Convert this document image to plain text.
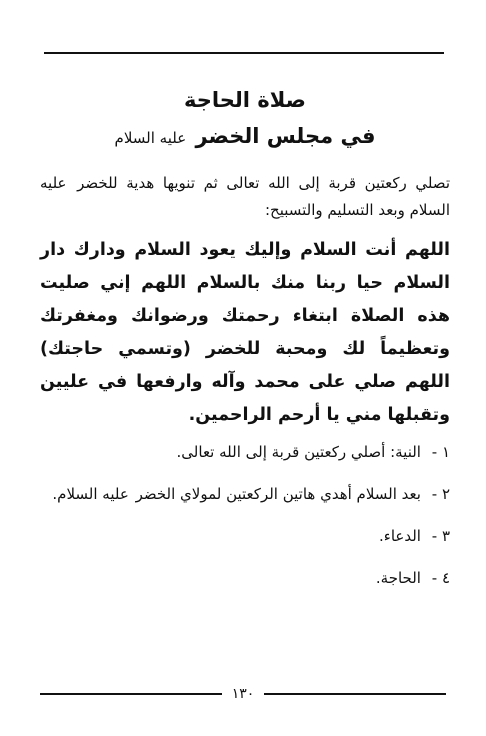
صلاة الحاجة
في مجلس الخضر عليه السلام

تصلي ركعتين قربة إلى الله تعالى ثم تنويها هدية للخضر عليه السلام وبعد التسليم والتسبيح:

اللهم أنت السلام وإليك يعود السلام ودارك دار السلام حيا ربنا منك بالسلام اللهم إني صليت هذه الصلاة ابتغاء رحمتك ورضوانك ومغفرتك وتعظيماً لك ومحبة للخضر (وتسمي حاجتك) اللهم صلي على محمد وآله وارفعها في عليين وتقبلها مني يا أرحم الراحمين.

١ - النية: أصلي ركعتين قربة إلى الله تعالى.
٢ - بعد السلام أهدي هاتين الركعتين لمولاي الخضر عليه السلام.
٣ - الدعاء.
٤ - الحاجة.
١٣٠
